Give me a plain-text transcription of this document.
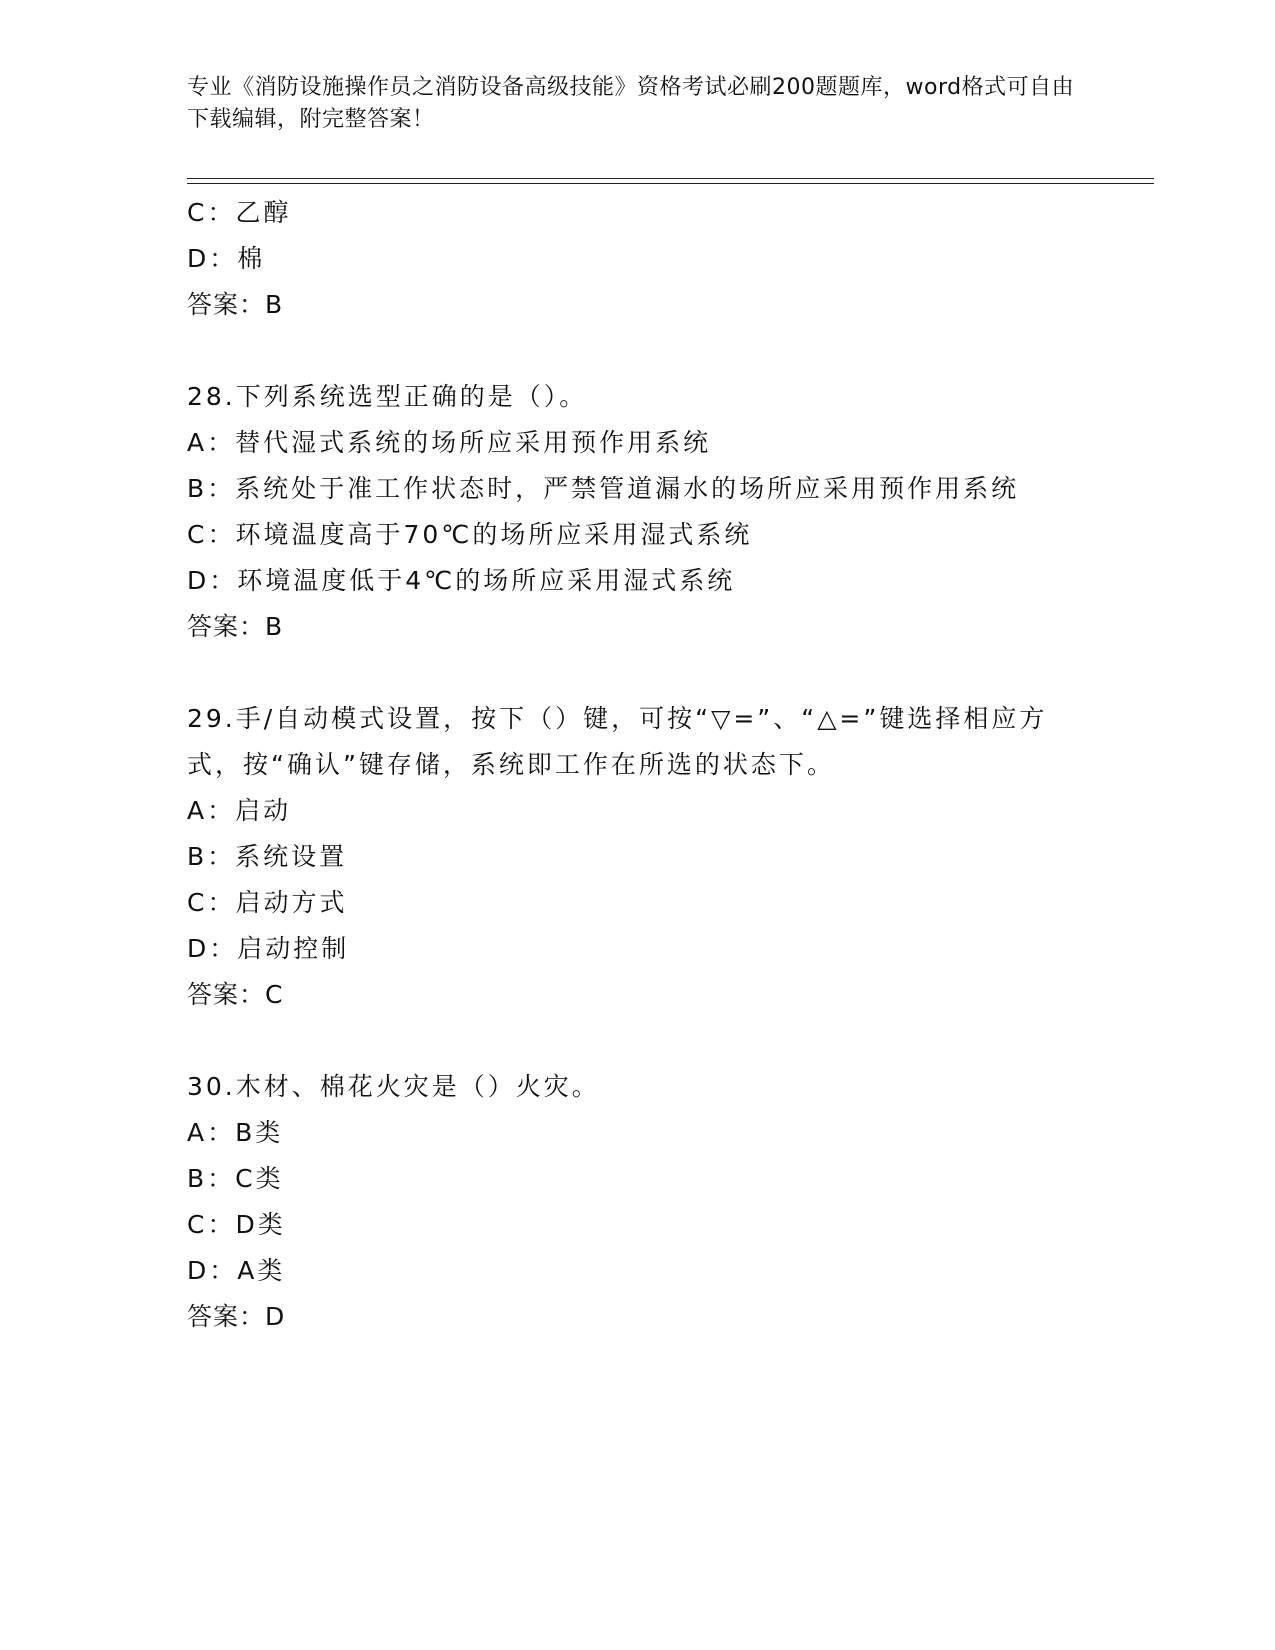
专业《消防设施操作员之消防设备高级技能》资格考试必刷200题题库，word格式可自由下载编辑，附完整答案！
C：乙醇
D：棉
答案：B
28.下列系统选型正确的是（）。
A：替代湿式系统的场所应采用预作用系统
B：系统处于准工作状态时，严禁管道漏水的场所应采用预作用系统
C：环境温度高于70℃的场所应采用湿式系统
D：环境温度低于4℃的场所应采用湿式系统
答案：B
29.手/自动模式设置，按下（）键，可按“▽=”、“△=”键选择相应方式，按“确认”键存储，系统即工作在所选的状态下。
A：启动
B：系统设置
C：启动方式
D：启动控制
答案：C
30.木材、棉花火灾是（）火灾。
A：B类
B：C类
C：D类
D：A类
答案：D
